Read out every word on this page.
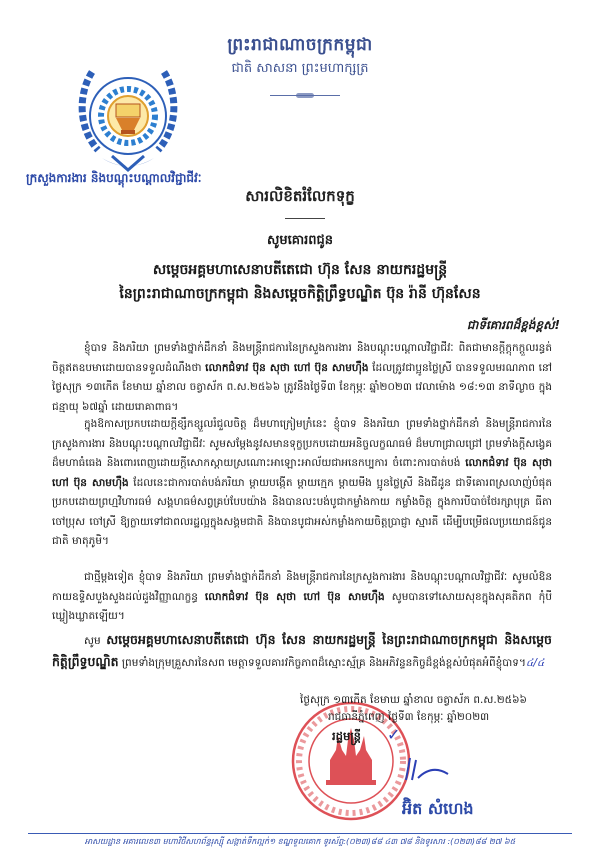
ព្រះរាជាណាចក្រកម្ពុជា
ជាតិ សាសនា ព្រះមហាក្សត្រ
ក្រសួងការងារ និងបណ្តុះបណ្តាលវិជ្ជាជីវៈ
សារលិខិតរំលែកទុក្ខ
សូមគោរពជូន
សម្តេចអគ្គមហាសេនាបតីតេជោ ហ៊ុន សែន នាយករដ្ឋមន្ត្រី
នៃព្រះរាជាណាចក្រកម្ពុជា និងសម្តេចកិត្តិព្រឹទ្ធបណ្ឌិត ប៊ុន រ៉ានី ហ៊ុនសែន
ជាទីគោរពដ៏ខ្ពង់ខ្ពស់!
ខ្ញុំបាទ និងភរិយា ព្រមទាំងថ្នាក់ដឹកនាំ និងមន្ត្រីរាជការនៃក្រសួងការងារ និងបណ្តុះបណ្តាលវិជ្ជាជីវៈ ពិតជាមានក្តីក្តុកក្តួលរន្ធត់ចិត្តឥតឧបមាដោយបានទទួលដំណឹងថា លោកជំទាវ ប៊ុន សុថា ហៅ ប៊ុន សាមហ៊ឺង ដែលត្រូវជាប្អូនថ្លៃស្រី បានទទួលមរណភាព នៅថ្ងៃសុក្រ ១៣កើត ខែមាឃ ឆ្នាំខាល ចត្វាស័ក ព.ស.២៥៦៦ ត្រូវនឹងថ្ងៃទី៣ ខែកុម្ភៈ ឆ្នាំ២០២៣ វេលាម៉ោង ១៨:១៣ នាទីល្ងាច ក្នុងជន្មាយុ ៦៧ឆ្នាំ ដោយរោគាពាធ។
ក្នុងឱកាសប្រកបដោយក្តីខ្សឹកខ្សួលរំជួលចិត្ត ដ៏មហាក្រៀមក្រំនេះ ខ្ញុំបាទ និងភរិយា ព្រមទាំងថ្នាក់ដឹកនាំ និងមន្ត្រីរាជការនៃក្រសួងការងារ និងបណ្តុះបណ្តាលវិជ្ជាជីវៈ សូមសម្តែងនូវសមានទុក្ខប្រកបដោយអនិច្ចលក្ខណធម៌ ដ៏មហាជ្រាលជ្រៅ ព្រមទាំងក្តីសង្វេគដ៏មហាធំធេង និងពោរពេញដោយក្តីសោកស្តាយស្រណោះអាឡោះអាល័យជាអនេកប្បការ ចំពោះការបាត់បង់ លោកជំទាវ ប៊ុន សុថា ហៅ ប៊ុន សាមហ៊ឺង ដែលនេះជាការបាត់បង់ភរិយា ម្តាយបង្កើត ម្តាយក្មេក ម្តាយមីង ប្អូនថ្លៃស្រី និងជីដូន ជាទីគោរពស្រលាញ់បំផុតប្រកបដោយព្រហ្មវិហារធម៌ សង្គហធម៌សព្វគ្រប់បែបយ៉ាង និងបានលះបង់បូជាកម្លាំងកាយ កម្លាំងចិត្ត ក្នុងការបីបាច់ថែរក្សាបុត្រ ធីតា ចៅប្រុស ចៅស្រី ឱ្យក្លាយទៅជាពលរដ្ឋល្អក្នុងសង្គមជាតិ និងបានបូជាអស់កម្លាំងកាយចិត្តប្រាជ្ញា ស្មារតី ដើម្បីបម្រើផលប្រយោជន៍ជូនជាតិ មាតុភូមិ។
ជាថ្មីម្តងទៀត ខ្ញុំបាទ និងភរិយា ព្រមទាំងថ្នាក់ដឹកនាំ និងមន្ត្រីរាជការនៃក្រសួងការងារ និងបណ្តុះបណ្តាលវិជ្ជាជីវៈ សូមលំឱនកាយឧទ្ទិសបួងសួងដល់ដួងវិញ្ញាណក្ខន្ធ លោកជំទាវ ប៊ុន សុថា ហៅ ប៊ុន សាមហ៊ឺង សូមបានទៅសោយសុខក្នុងសុគតិភព កុំបីឃ្លៀងឃ្លាតឡើយ។
សូម សម្តេចអគ្គមហាសេនាបតីតេជោ ហ៊ុន សែន នាយករដ្ឋមន្ត្រី នៃព្រះរាជាណាចក្រកម្ពុជា និងសម្តេចកិត្តិព្រឹទ្ធបណ្ឌិត ព្រមទាំងក្រុមគ្រួសារនៃសព មេត្តាទទួលគារវកិច្ចភាពដ៏ស្មោះស្ម័គ្រ និងអភិវន្ទនកិច្ចដ៏ខ្ពង់ខ្ពស់បំផុតអំពីខ្ញុំបាទ។៤/៤
ថ្ងៃសុក្រ ១៣កើត ខែមាឃ ឆ្នាំខាល ចត្វាស័ក ព.ស.២៥៦៦
រាជធានីភ្នំពេញ ថ្ងៃទី៣ ខែកុម្ភៈ ឆ្នាំ២០២៣
រដ្ឋមន្ត្រី ✓
អ៊ិត សំហេង
អាសយដ្ឋាន អគារលេខ៣ មហាវិថីសហព័ន្ធរុស្ស៊ី សង្កាត់ទឹកល្អក់១ ខណ្ឌទួលគោក ទូរស័ព្ទ:(០២៣)៨៨ ៤៣ ៧៨ និងទូរសារ :(០២៣)៨៨ ២៧ ៦៥
